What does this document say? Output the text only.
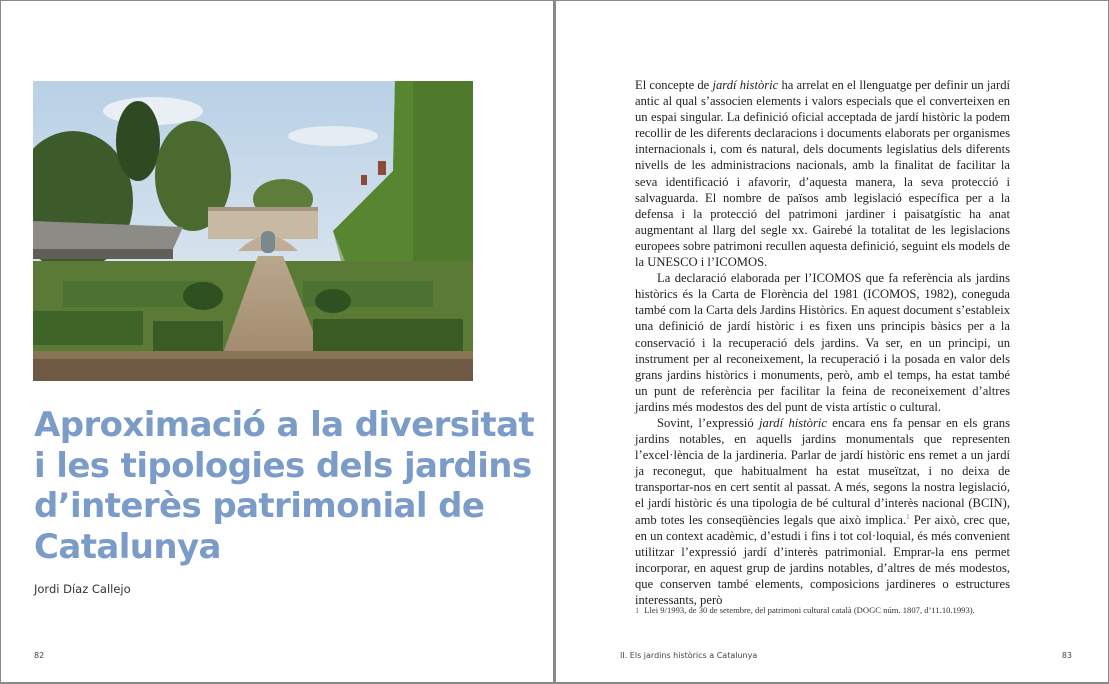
Aproximació a la diversitat
i les tipologies dels jardins
d’interès patrimonial de
Catalunya
Jordi Díaz Callejo
82

El concepte de jardí històric ha arrelat en el llenguatge per definir un jardí antic al qual s’associen elements i valors especials que el converteixen en un espai singular. La definició oficial acceptada de jardí històric la podem recollir de les diferents declaracions i documents elaborats per organismes internacionals i, com és natural, dels documents legislatius dels diferents nivells de les administracions nacionals, amb la finalitat de facilitar la seva identificació i afavorir, d’aquesta manera, la seva protecció i salvaguarda. El nombre de països amb legislació específica per a la defensa i la protecció del patrimoni jardiner i paisatgístic ha anat augmentant al llarg del segle xx. Gairebé la totalitat de les legislacions europees sobre patrimoni recullen aquesta definició, seguint els models de la UNESCO i l’ICOMOS.

La declaració elaborada per l’ICOMOS que fa referència als jardins històrics és la Carta de Florència del 1981 (ICOMOS, 1982), coneguda també com la Carta dels Jardins Històrics. En aquest document s’estableix una definició de jardí històric i es fixen uns principis bàsics per a la conservació i la recuperació dels jardins. Va ser, en un principi, un instrument per al reconeixement, la recuperació i la posada en valor dels grans jardins històrics i monuments, però, amb el temps, ha estat també un punt de referència per facilitar la feina de reconeixement d’altres jardins més modestos des del punt de vista artístic o cultural.

Sovint, l’expressió jardí històric encara ens fa pensar en els grans jardins notables, en aquells jardins monumentals que representen l’excel·lència de la jardineria. Parlar de jardí històric ens remet a un jardí ja reconegut, que habitualment ha estat museïtzat, i no deixa de transportar-nos en cert sentit al passat. A més, segons la nostra legislació, el jardí històric és una tipologia de bé cultural d’interès nacional (BCIN), amb totes les conseqüències legals que això implica.$^1$ Per això, crec que, en un context acadèmic, d’estudi i fins i tot col·loquial, és més convenient utilitzar l’expressió jardí d’interès patrimonial. Emprar-la ens permet incorporar, en aquest grup de jardins notables, d’altres de més modestos, que conserven també elements, composicions jardineres o estructures interessants, però

1 Llei 9/1993, de 30 de setembre, del patrimoni cultural català (DOGC núm. 1807, d’11.10.1993).
II. Els jardins històrics a Catalunya	83
